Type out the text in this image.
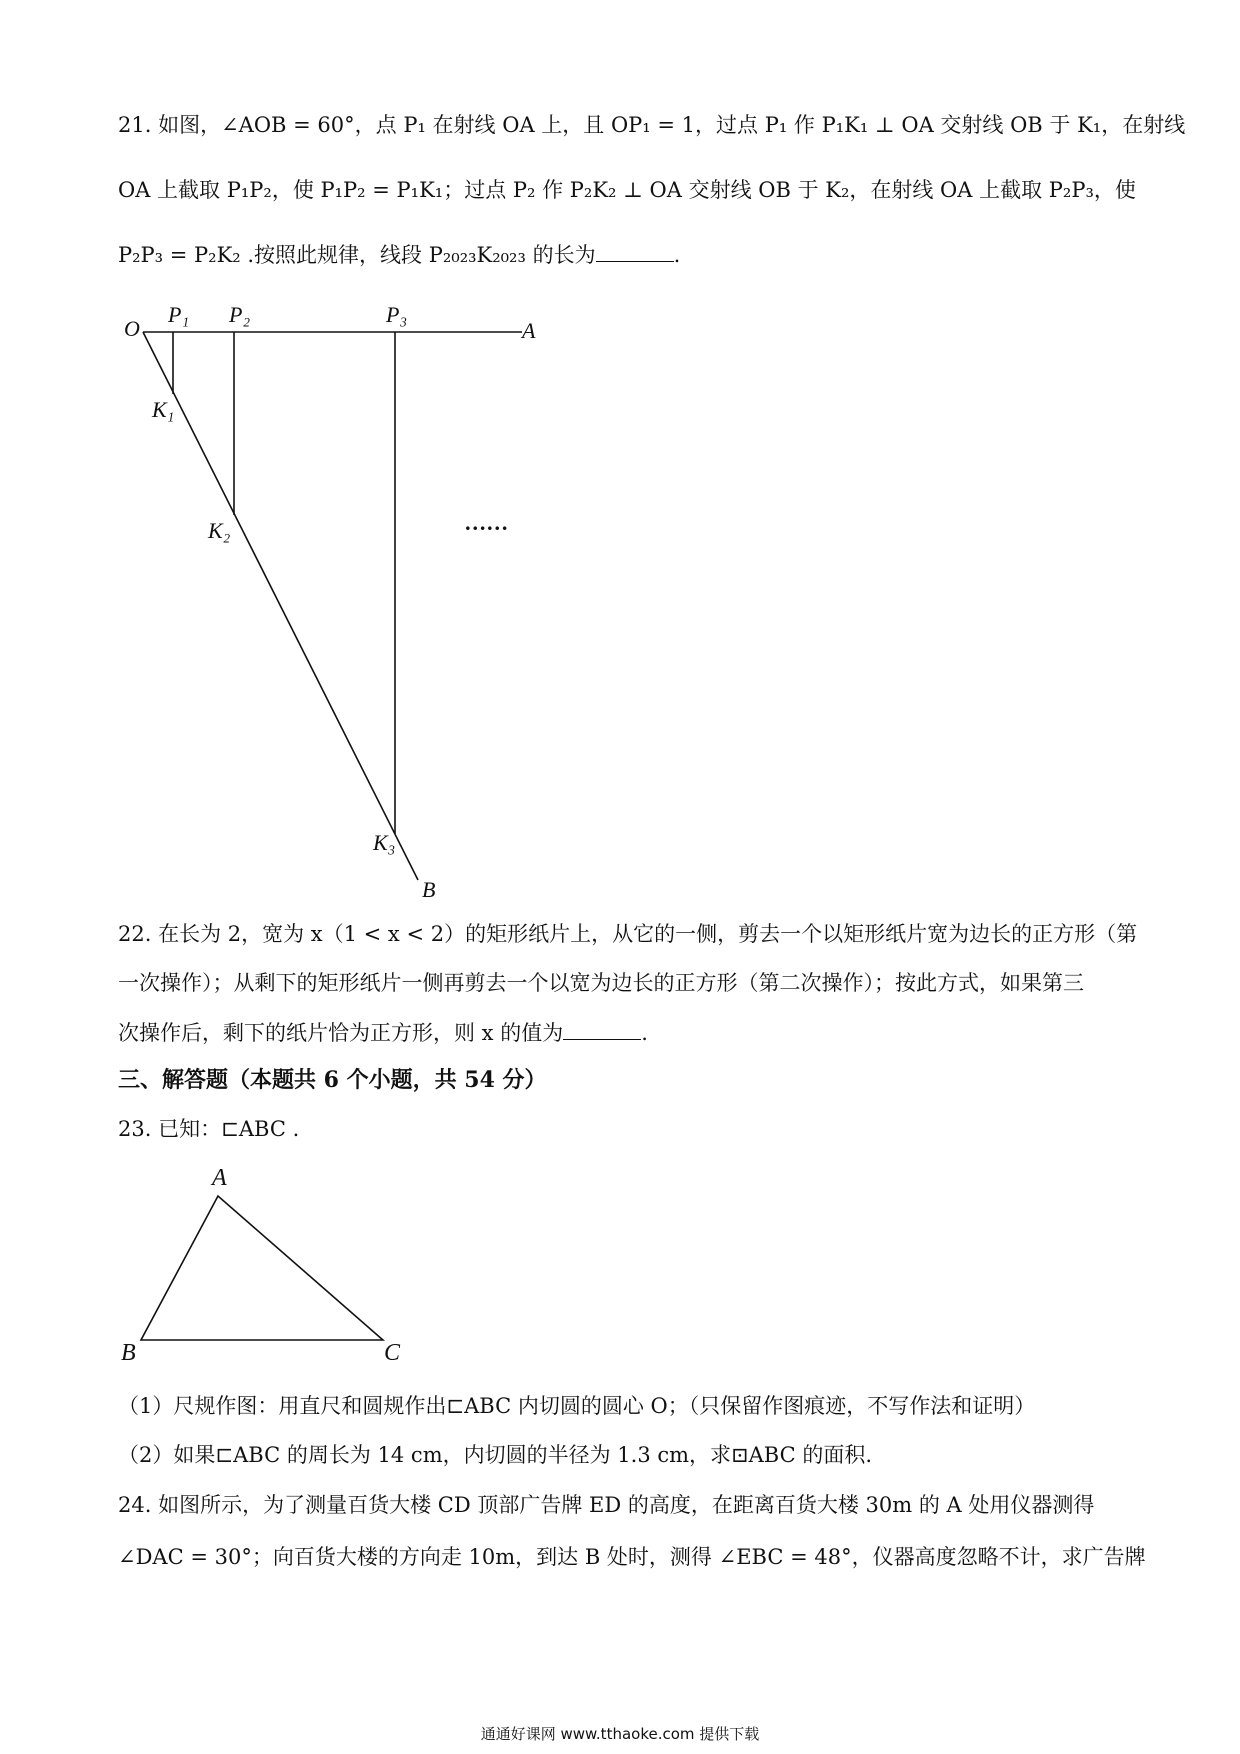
21. 如图，∠AOB = 60°，点 P₁ 在射线 OA 上，且 OP₁ = 1，过点 P₁ 作 P₁K₁ ⊥ OA 交射线 OB 于 K₁，在射线
OA 上截取 P₁P₂，使 P₁P₂ = P₁K₁；过点 P₂ 作 P₂K₂ ⊥ OA 交射线 OB 于 K₂，在射线 OA 上截取 P₂P₃，使
P₂P₃ = P₂K₂ .按照此规律，线段 P₂₀₂₃K₂₀₂₃ 的长为	.
O
P₁ P₂	P₃
A
K₁
K₂
K₃
B
……
A
B	C
22. 在长为 2，宽为 x（1 < x < 2）的矩形纸片上，从它的一侧，剪去一个以矩形纸片宽为边长的正方形（第
一次操作）；从剩下的矩形纸片一侧再剪去一个以宽为边长的正方形（第二次操作）；按此方式，如果第三
次操作后，剩下的纸片恰为正方形，则 x 的值为	.
三、解答题（本题共 6 个小题，共 54 分）
23. 已知：⊏ABC .
（1）尺规作图：用直尺和圆规作出⊏ABC 内切圆的圆心 O；（只保留作图痕迹，不写作法和证明）
（2）如果⊏ABC 的周长为 14 cm，内切圆的半径为 1.3 cm，求⊡ABC 的面积.
24. 如图所示，为了测量百货大楼 CD 顶部广告牌 ED 的高度，在距离百货大楼 30m 的 A 处用仪器测得
∠DAC = 30°；向百货大楼的方向走 10m，到达 B 处时，测得 ∠EBC = 48°，仪器高度忽略不计，求广告牌
通通好课网 www.tthaoke.com 提供下载
